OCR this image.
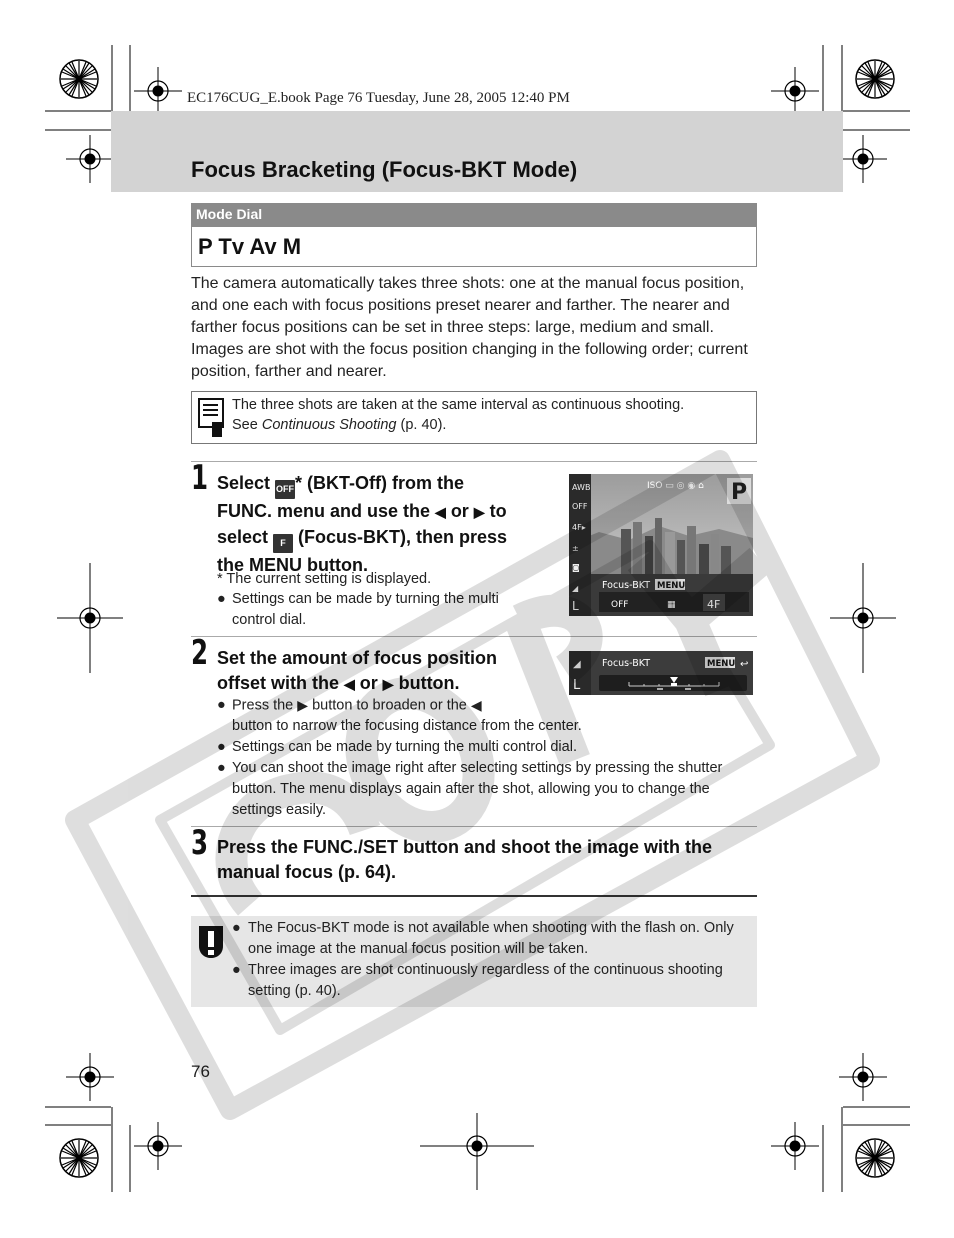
EC176CUG_E.book Page 76 Tuesday, June 28, 2005 12:40 PM
Focus Bracketing (Focus-BKT Mode)
Mode Dial
P Tv Av M
The camera automatically takes three shots: one at the manual focus position, and one each with focus positions preset nearer and farther. The nearer and farther focus positions can be set in three steps: large, medium and small. Images are shot with the focus position changing in the following order; current position, farther and nearer.
The three shots are taken at the same interval as continuous shooting.
See Continuous Shooting (p. 40).
1 Select OFF* (BKT-Off) from the
FUNC. menu and use the ◀ or ▶ to
select F (Focus-BKT), then press
the MENU button.
* The current setting is displayed.
● Settings can be made by turning the multi
control dial.
AWB
OFF
4F▸
±
◙
◢
L
ISO ▭ ◎ ◉ ⌂ P
OFF	▦	4F
Focus-BKT MENU
2 Set the amount of focus position
offset with the ◀ or ▶ button.
◢
L
Focus-BKT	MENU ↩
● Press the ▶ button to broaden or the ◀
button to narrow the focusing distance from the center.
● Settings can be made by turning the multi control dial.
● You can shoot the image right after selecting settings by pressing the shutter button. The menu displays again after the shot, allowing you to change the settings easily.
3 Press the FUNC./SET button and shoot the image with the
manual focus (p. 64).
● The Focus-BKT mode is not available when shooting with the flash on. Only one image at the manual focus position will be taken.
● Three images are shot continuously regardless of the continuous shooting setting (p. 40).
76
